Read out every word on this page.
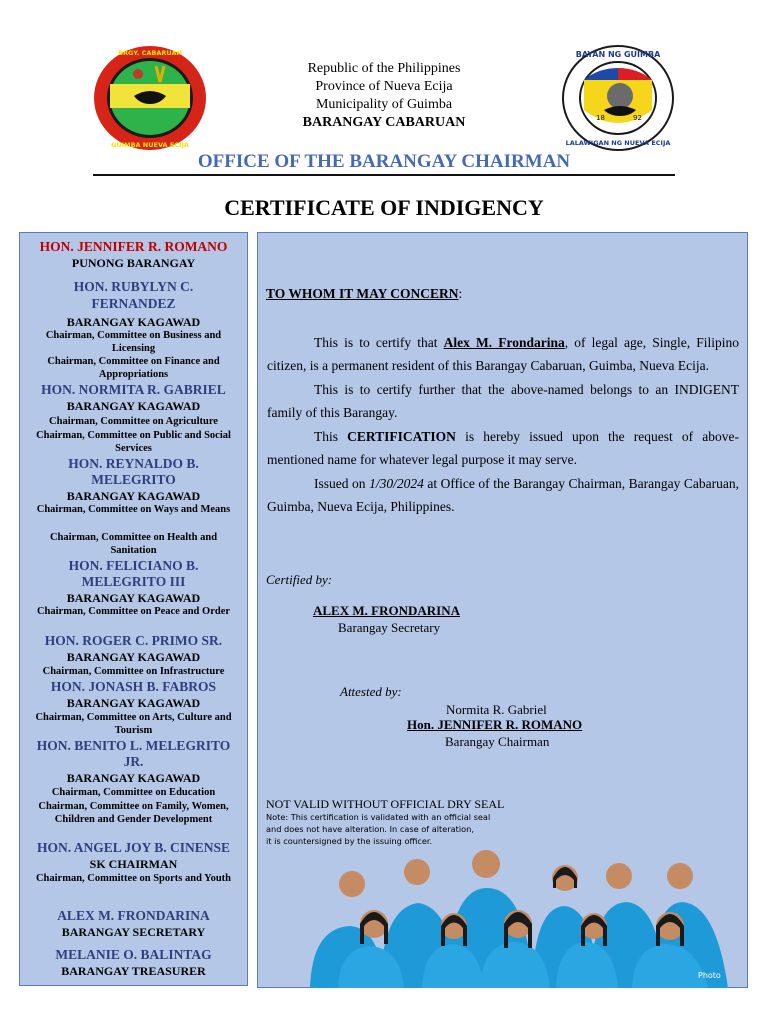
BRGY. CABARUAN
GUIMBA NUEVA ECIJA
Republic of the Philippines
Province of Nueva Ecija
Municipality of Guimba
BARANGAY CABARUAN	18	92
BAYAN NG GUIMBA
LALAWIGAN NG NUEVA ECIJA
OFFICE OF THE BARANGAY CHAIRMAN
CERTIFICATE OF INDIGENCY
HON. JENNIFER R. ROMANO
PUNONG BARANGAY
HON. RUBYLYN C.
FERNANDEZ
BARANGAY KAGAWAD
Chairman, Committee on Business and Licensing
Chairman, Committee on Finance and Appropriations
HON. NORMITA R. GABRIEL
BARANGAY KAGAWAD
Chairman, Committee on Agriculture
Chairman, Committee on Public and Social Services
HON. REYNALDO B.
MELEGRITO
BARANGAY KAGAWAD
Chairman, Committee on Ways and Means
Chairman, Committee on Health and Sanitation
HON. FELICIANO B.
MELEGRITO III
BARANGAY KAGAWAD
Chairman, Committee on Peace and Order
HON. ROGER C. PRIMO SR.
BARANGAY KAGAWAD
Chairman, Committee on Infrastructure
HON. JONASH B. FABROS
BARANGAY KAGAWAD
Chairman, Committee on Arts, Culture and Tourism
HON. BENITO L. MELEGRITO
JR.
BARANGAY KAGAWAD
Chairman, Committee on Education
Chairman, Committee on Family, Women, Children and Gender Development
HON. ANGEL JOY B. CINENSE
SK CHAIRMAN
Chairman, Committee on Sports and Youth
ALEX M. FRONDARINA
BARANGAY SECRETARY
MELANIE O. BALINTAG
BARANGAY TREASURER
This is to certify that Alex M. Frondarina, of legal age, Single, Filipino citizen, is a permanent resident of this Barangay Cabaruan, Guimba, Nueva Ecija.
This is to certify further that the above-named belongs to an INDIGENT family of this Barangay.
This CERTIFICATION is hereby issued upon the request of above-mentioned name for whatever legal purpose it may serve.
Issued on 1/30/2024 at Office of the Barangay Chairman, Barangay Cabaruan, Guimba, Nueva Ecija, Philippines.
TO WHOM IT MAY CONCERN:
Certified by:
ALEX M. FRONDARINA
Barangay Secretary
Attested by:
Normita R. Gabriel
Hon. JENNIFER R. ROMANO
Barangay Chairman
NOT VALID WITHOUT OFFICIAL DRY SEAL
Note: This certification is validated with an official seal
and does not have alteration. In case of alteration,
it is countersigned by the issuing officer.
Photo
